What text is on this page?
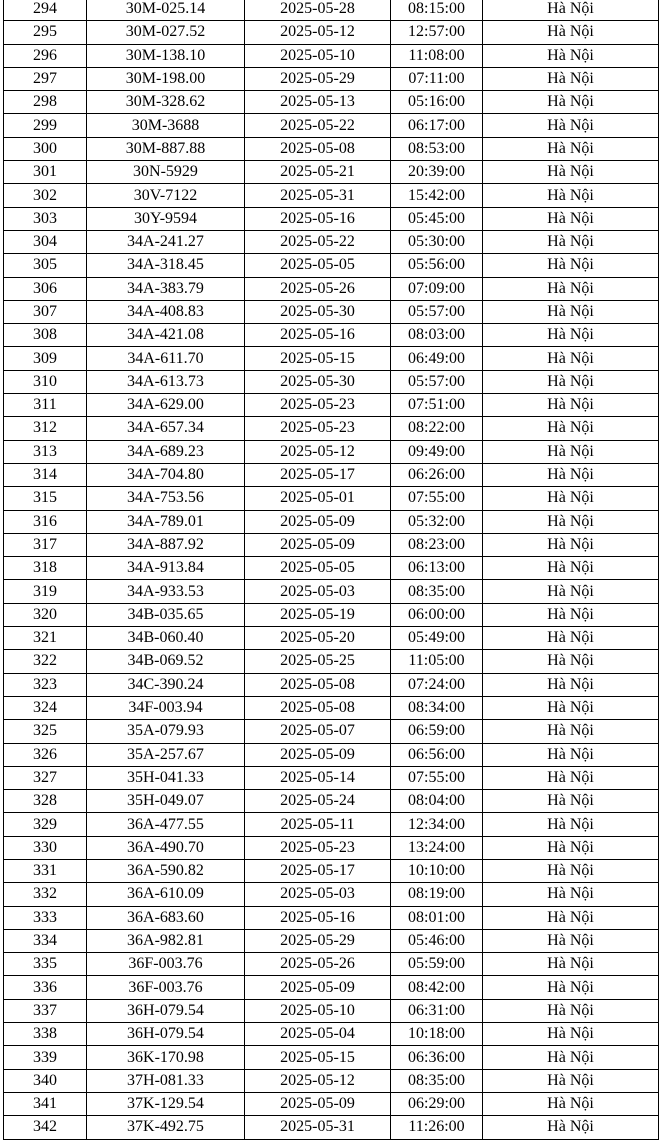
294	30M-025.14	2025-05-28	08:15:00	Hà Nội
295	30M-027.52	2025-05-12	12:57:00	Hà Nội
296	30M-138.10	2025-05-10	11:08:00	Hà Nội
297	30M-198.00	2025-05-29	07:11:00	Hà Nội
298	30M-328.62	2025-05-13	05:16:00	Hà Nội
299	30M-3688	2025-05-22	06:17:00	Hà Nội
300	30M-887.88	2025-05-08	08:53:00	Hà Nội
301	30N-5929	2025-05-21	20:39:00	Hà Nội
302	30V-7122	2025-05-31	15:42:00	Hà Nội
303	30Y-9594	2025-05-16	05:45:00	Hà Nội
304	34A-241.27	2025-05-22	05:30:00	Hà Nội
305	34A-318.45	2025-05-05	05:56:00	Hà Nội
306	34A-383.79	2025-05-26	07:09:00	Hà Nội
307	34A-408.83	2025-05-30	05:57:00	Hà Nội
308	34A-421.08	2025-05-16	08:03:00	Hà Nội
309	34A-611.70	2025-05-15	06:49:00	Hà Nội
310	34A-613.73	2025-05-30	05:57:00	Hà Nội
311	34A-629.00	2025-05-23	07:51:00	Hà Nội
312	34A-657.34	2025-05-23	08:22:00	Hà Nội
313	34A-689.23	2025-05-12	09:49:00	Hà Nội
314	34A-704.80	2025-05-17	06:26:00	Hà Nội
315	34A-753.56	2025-05-01	07:55:00	Hà Nội
316	34A-789.01	2025-05-09	05:32:00	Hà Nội
317	34A-887.92	2025-05-09	08:23:00	Hà Nội
318	34A-913.84	2025-05-05	06:13:00	Hà Nội
319	34A-933.53	2025-05-03	08:35:00	Hà Nội
320	34B-035.65	2025-05-19	06:00:00	Hà Nội
321	34B-060.40	2025-05-20	05:49:00	Hà Nội
322	34B-069.52	2025-05-25	11:05:00	Hà Nội
323	34C-390.24	2025-05-08	07:24:00	Hà Nội
324	34F-003.94	2025-05-08	08:34:00	Hà Nội
325	35A-079.93	2025-05-07	06:59:00	Hà Nội
326	35A-257.67	2025-05-09	06:56:00	Hà Nội
327	35H-041.33	2025-05-14	07:55:00	Hà Nội
328	35H-049.07	2025-05-24	08:04:00	Hà Nội
329	36A-477.55	2025-05-11	12:34:00	Hà Nội
330	36A-490.70	2025-05-23	13:24:00	Hà Nội
331	36A-590.82	2025-05-17	10:10:00	Hà Nội
332	36A-610.09	2025-05-03	08:19:00	Hà Nội
333	36A-683.60	2025-05-16	08:01:00	Hà Nội
334	36A-982.81	2025-05-29	05:46:00	Hà Nội
335	36F-003.76	2025-05-26	05:59:00	Hà Nội
336	36F-003.76	2025-05-09	08:42:00	Hà Nội
337	36H-079.54	2025-05-10	06:31:00	Hà Nội
338	36H-079.54	2025-05-04	10:18:00	Hà Nội
339	36K-170.98	2025-05-15	06:36:00	Hà Nội
340	37H-081.33	2025-05-12	08:35:00	Hà Nội
341	37K-129.54	2025-05-09	06:29:00	Hà Nội
342	37K-492.75	2025-05-31	11:26:00	Hà Nội
